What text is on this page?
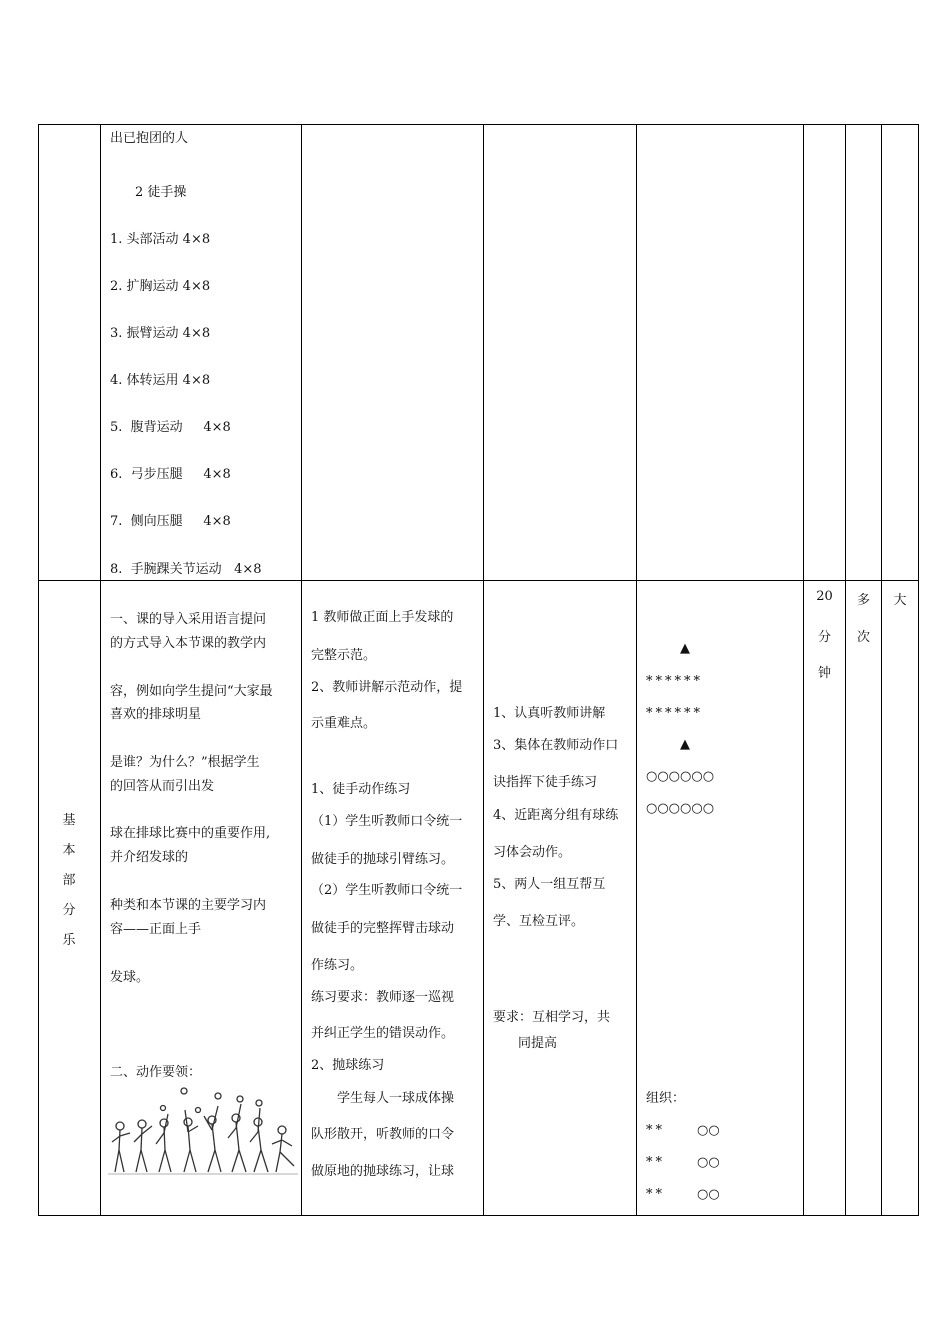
出已抱团的人
2 徒手操
1. 头部活动 4×8
2. 扩胸运动 4×8
3. 振臂运动 4×8
4. 体转运用 4×8
5.  腹背运动     4×8
6.  弓步压腿     4×8
7.  侧向压腿     4×8
8.  手腕踝关节运动   4×8
基
本
部
分
乐
一、课的导入采用语言提问
的方式导入本节课的教学内
容，例如向学生提问“大家最
喜欢的排球明星
是谁？为什么？”根据学生
的回答从而引出发
球在排球比赛中的重要作用,
并介绍发球的
种类和本节课的主要学习内
容——正面上手
发球。
二、动作要领：
1 教师做正面上手发球的
完整示范。
2、教师讲解示范动作，提
示重难点。
1、徒手动作练习
（1）学生听教师口令统一
做徒手的抛球引臂练习。
（2）学生听教师口令统一
做徒手的完整挥臂击球动
作练习。
练习要求：教师逐一巡视
并纠正学生的错误动作。
2、抛球练习
学生每人一球成体操
队形散开，听教师的口令
做原地的抛球练习，让球
1、认真听教师讲解
3、集体在教师动作口
诀指挥下徒手练习
4、近距离分组有球练
习体会动作。
5、两人一组互帮互
学、互检互评。
要求：互相学习，共
同提高
▲
******
******
▲
○○○○○○
○○○○○○
组织：
** ○○
** ○○
** ○○
20
分
钟
多
次
大
